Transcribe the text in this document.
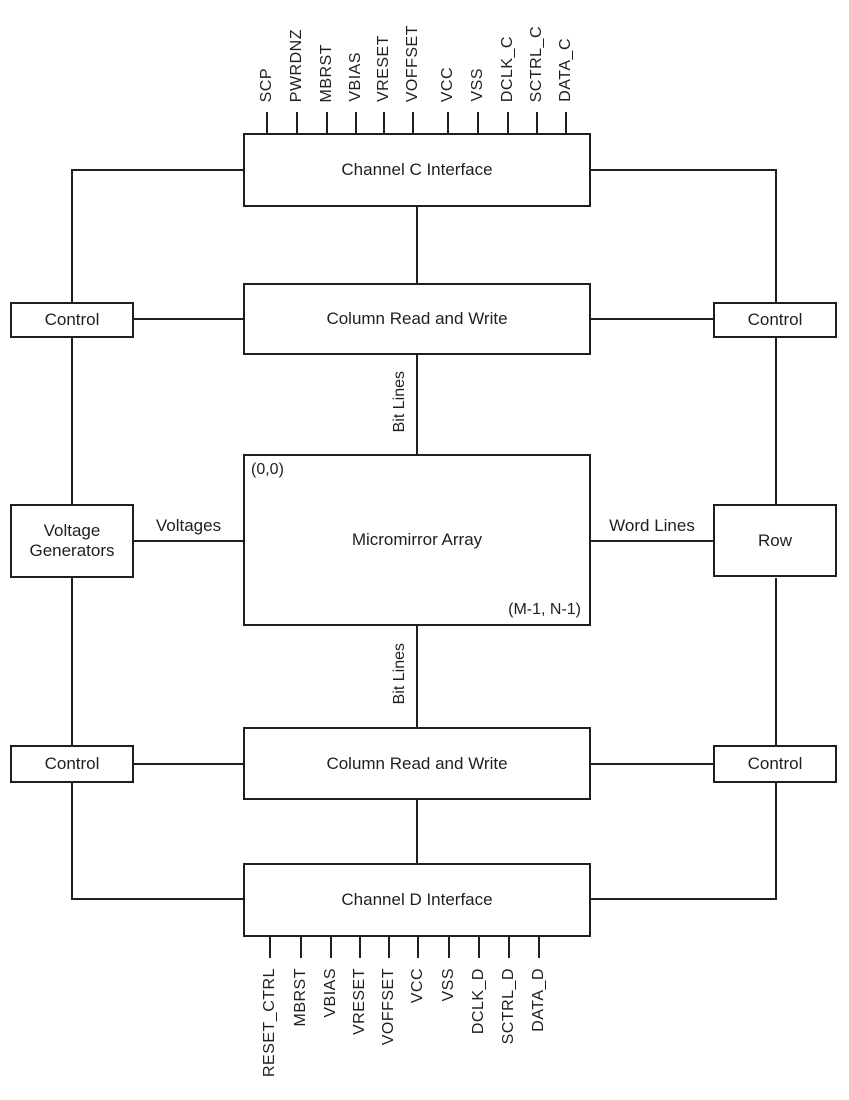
Channel C Interface
Column Read and Write
(0,0)
Micromirror Array
(M-1, N-1)
Column Read and Write
Channel D Interface
Control
Voltage Generators
Control
Control
Row
Control
Bit Lines
Bit Lines
Voltages	Word Lines
SCP PWRDNZ MBRST VBIAS VRESET VOFFSET VCC VSS DCLK_C SCTRL_C DATA_C
RESET_CTRL MBRST VBIAS VRESET VOFFSET VCC VSS DCLK_D SCTRL_D DATA_D
